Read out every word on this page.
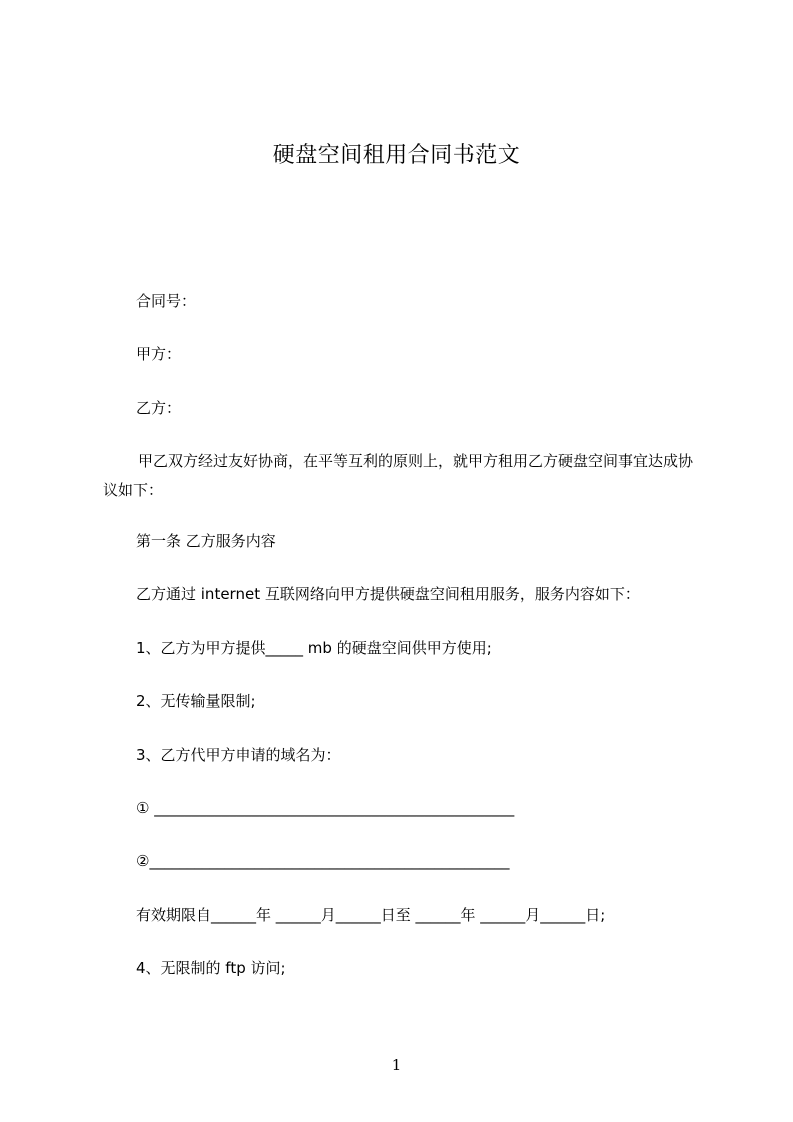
硬盘空间租用合同书范文
合同号：
甲方：
乙方：
甲乙双方经过友好协商，在平等互利的原则上，就甲方租用乙方硬盘空间事宜达成协议如下：
第一条 乙方服务内容
乙方通过 internet 互联网络向甲方提供硬盘空间租用服务，服务内容如下：
1、乙方为甲方提供_____ mb 的硬盘空间供甲方使用;
2、无传输量限制;
3、乙方代甲方申请的域名为：
① ________________________________________________
②________________________________________________
有效期限自______年 ______月______日至 ______年 ______月______日;
4、无限制的 ftp 访问;
1
